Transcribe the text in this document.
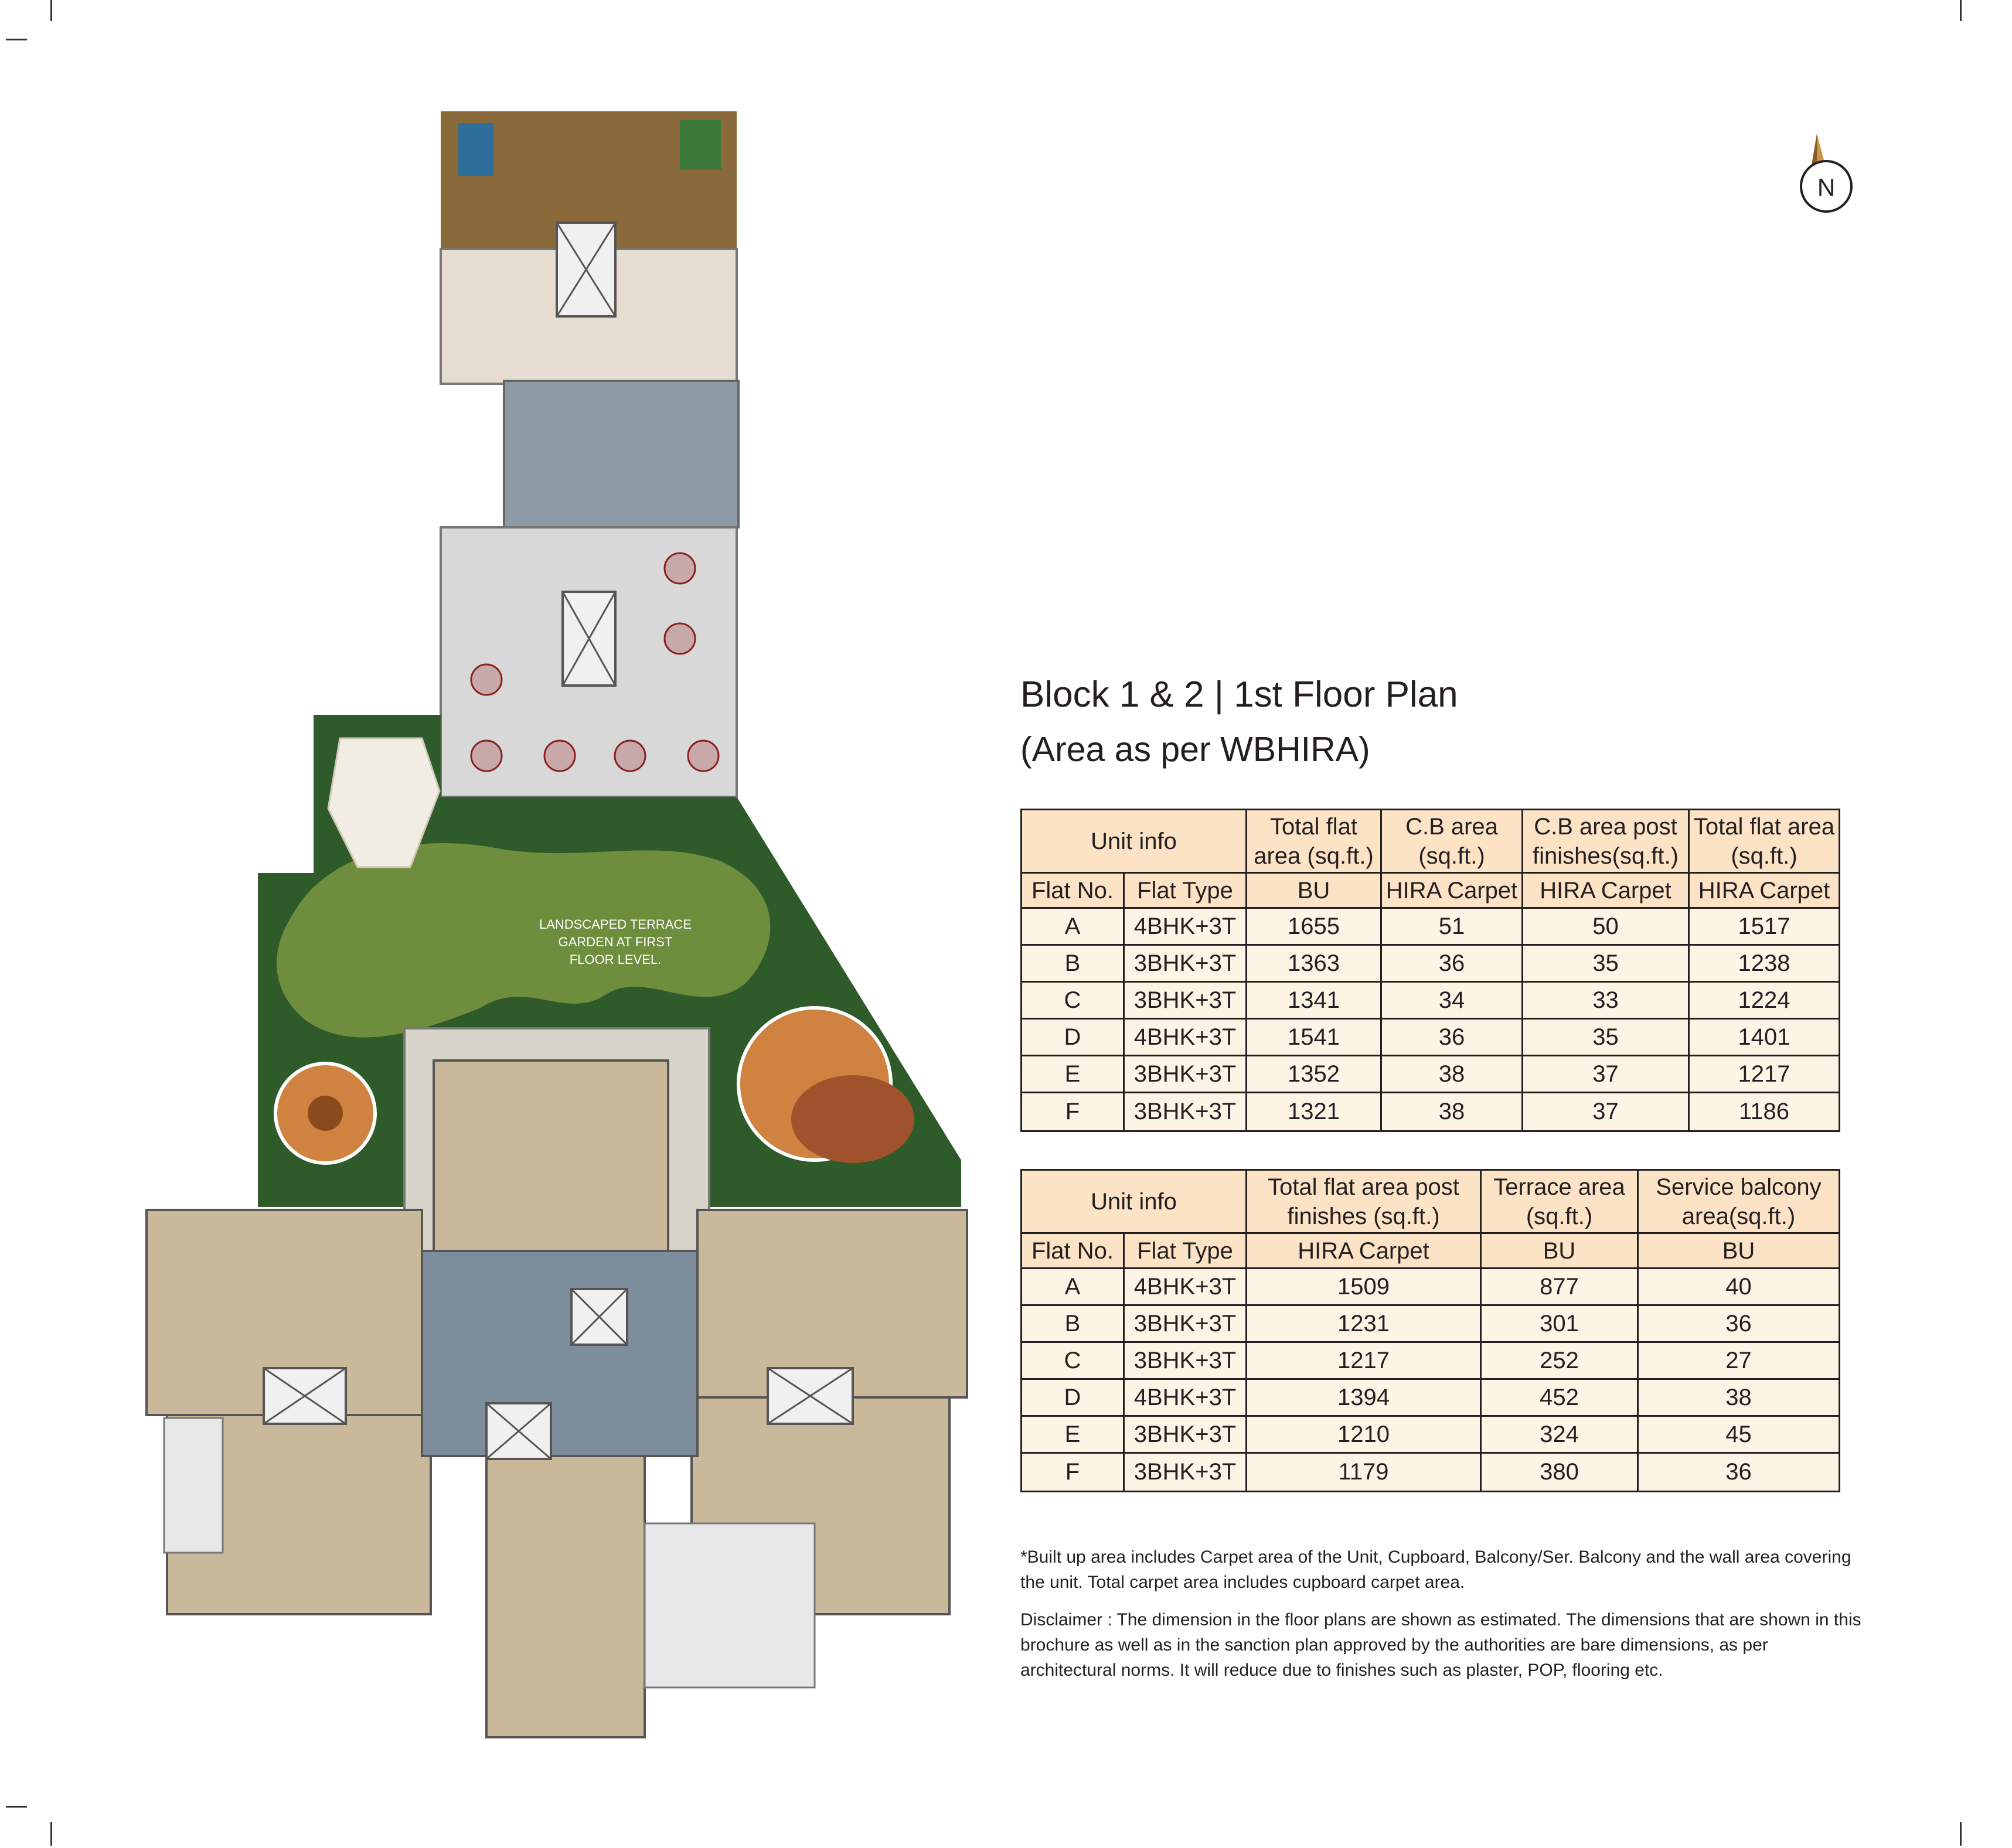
LANDSCAPED TERRACE
GARDEN AT FIRST
FLOOR LEVEL.
N
Block 1 & 2 | 1st Floor Plan
(Area as per WBHIRA)
Unit info		Total flat area (sq.ft.)	C.B area (sq.ft.)	C.B area post finishes(sq.ft.)	Total flat area (sq.ft.)
Flat No.	Flat Type	BU	HIRA Carpet	HIRA Carpet	HIRA Carpet
A	4BHK+3T	1655	51	50	1517
B	3BHK+3T	1363	36	35	1238
C	3BHK+3T	1341	34	33	1224
D	4BHK+3T	1541	36	35	1401
E	3BHK+3T	1352	38	37	1217
F	3BHK+3T	1321	38	37	1186
Unit info		Total flat area post finishes (sq.ft.)	Terrace area (sq.ft.)	Service balcony area(sq.ft.)
Flat No.	Flat Type	HIRA Carpet	BU	BU
A	4BHK+3T	1509	877	40
B	3BHK+3T	1231	301	36
C	3BHK+3T	1217	252	27
D	4BHK+3T	1394	452	38
E	3BHK+3T	1210	324	45
F	3BHK+3T	1179	380	36
*Built up area includes Carpet area of the Unit, Cupboard, Balcony/Ser. Balcony and the wall area covering the unit. Total carpet area includes cupboard carpet area.
Disclaimer : The dimension in the floor plans are shown as estimated. The dimensions that are shown in this brochure as well as in the sanction plan approved by the authorities are bare dimensions, as per architectural norms. It will reduce due to finishes such as plaster, POP, flooring etc.
